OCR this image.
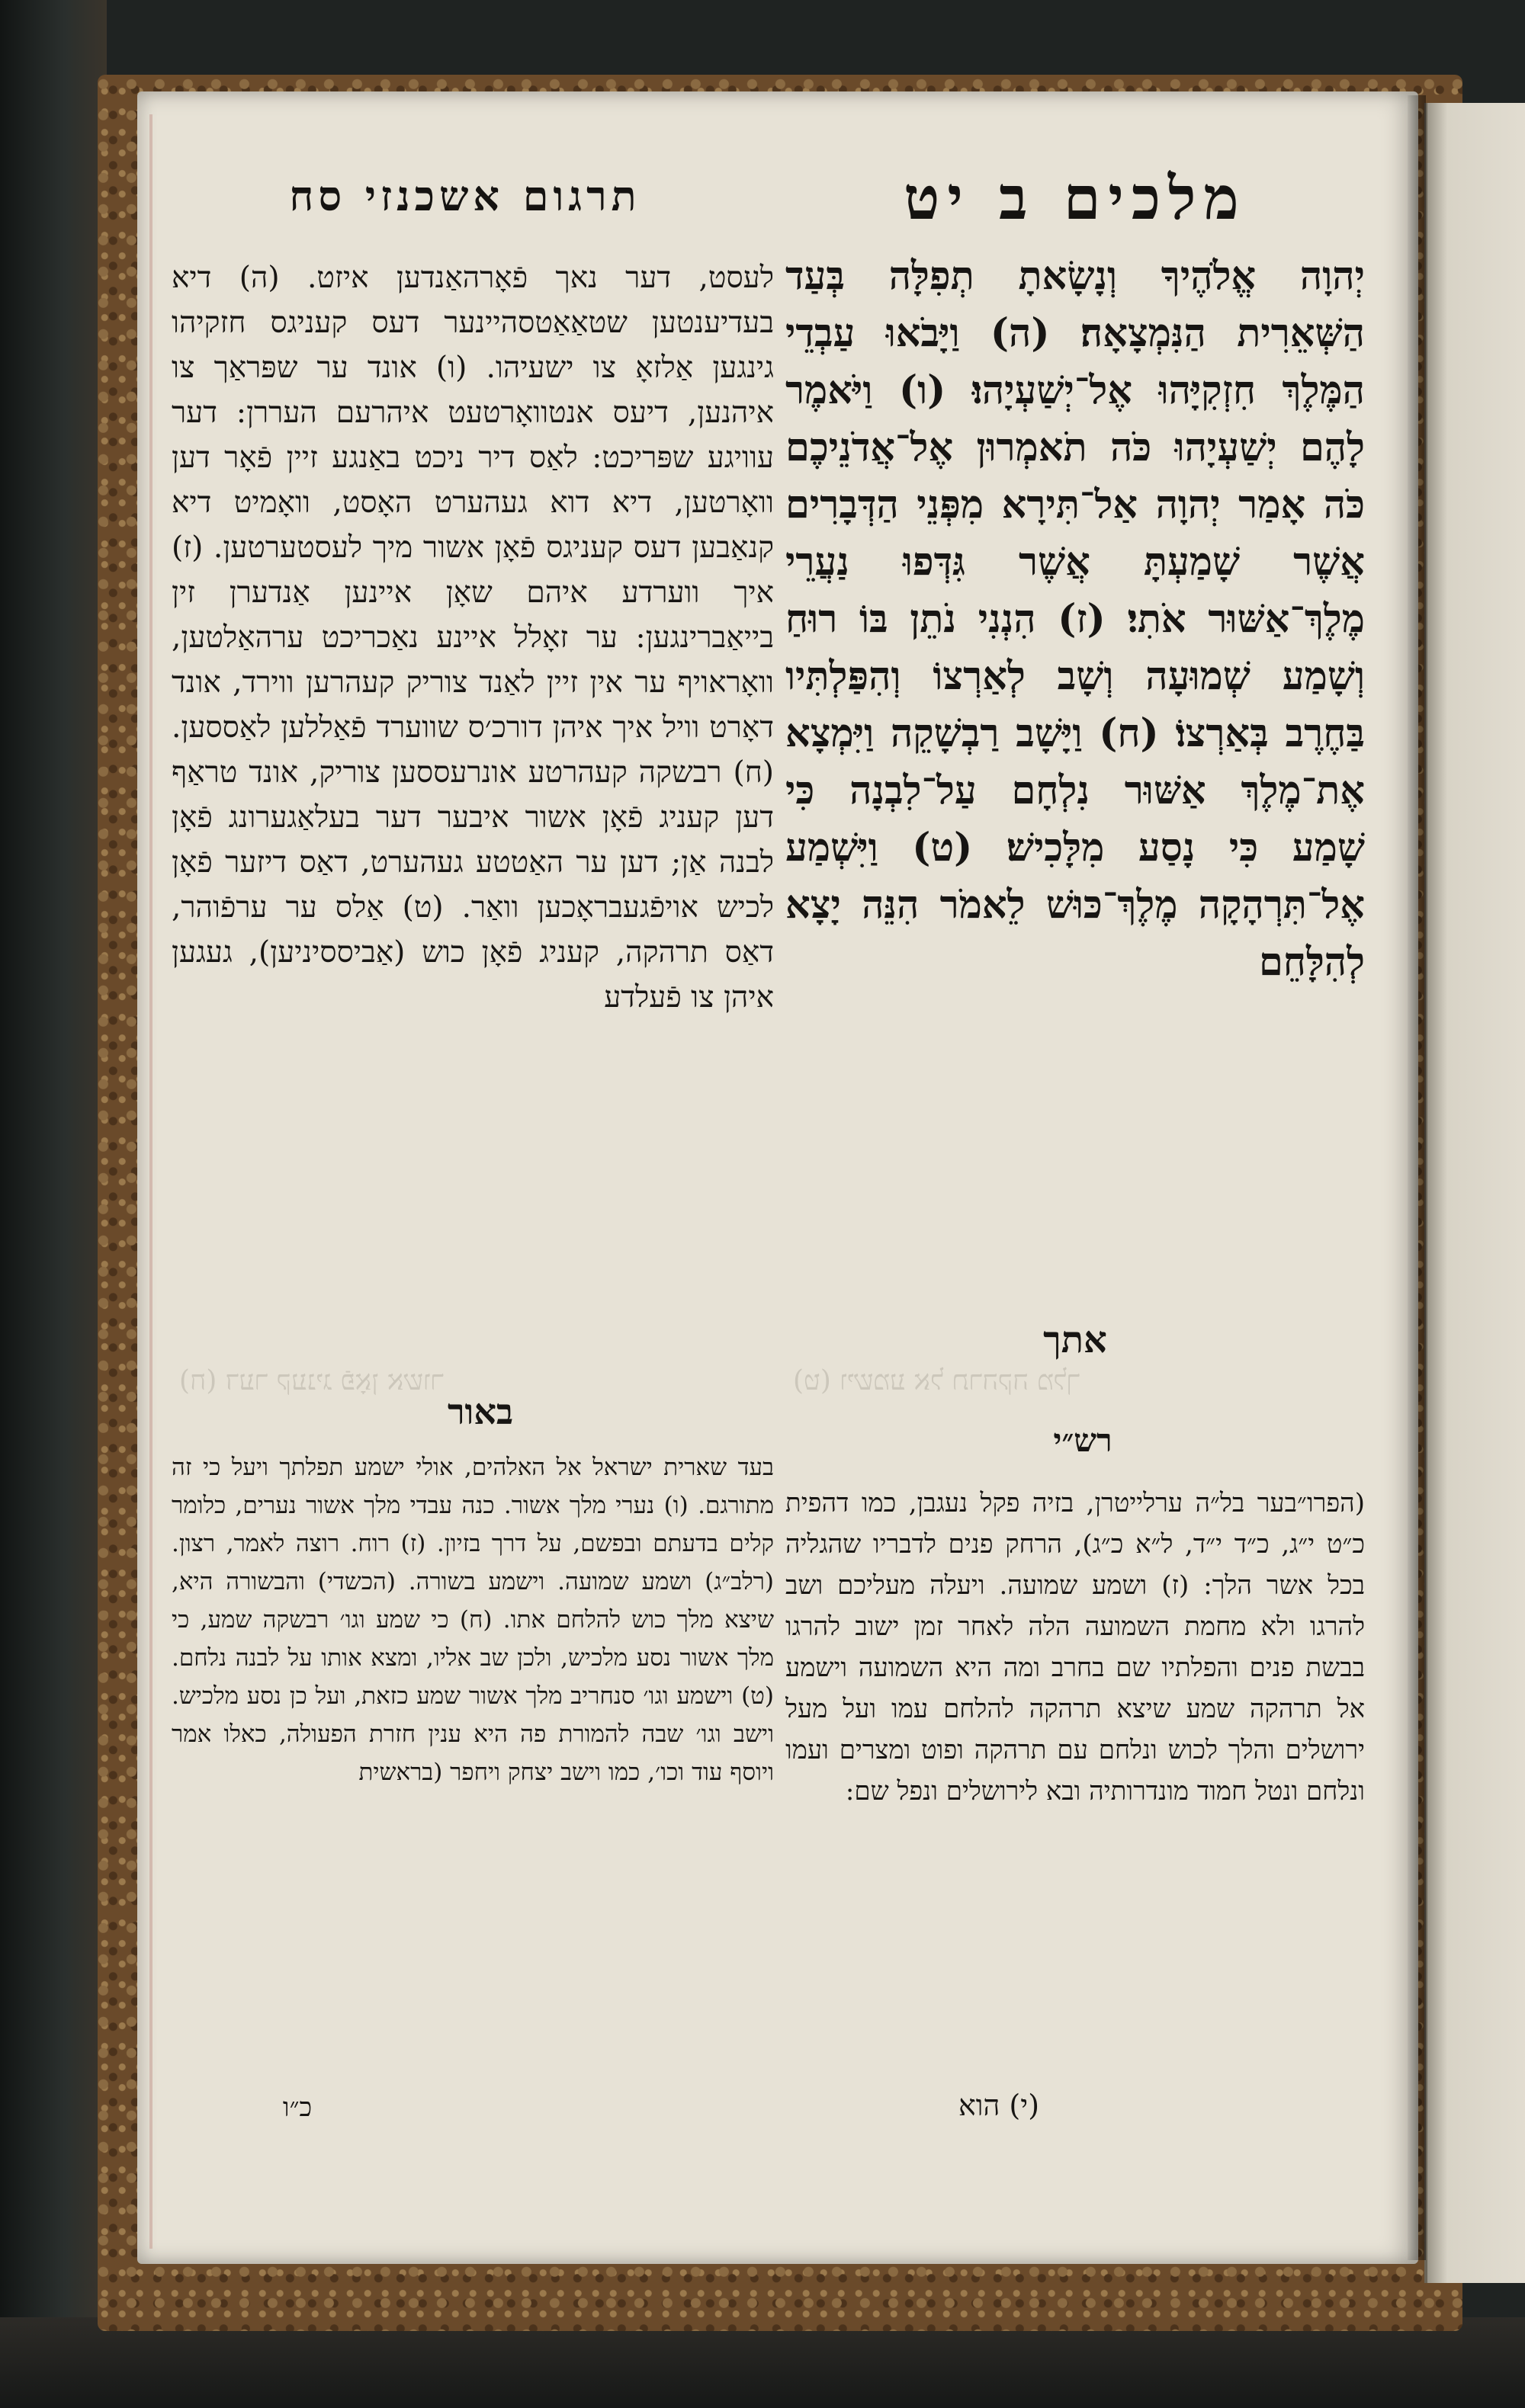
תרגום אשכנזי סח	מלכים ב יט
לעסט, דער נאך פֿאָרהאַנדען איזט. (ה) דיא בעדיענטען שטאַאַטסהיינער דעס קעניגס חזקיהו גינגען אַלזאָ צו ישעיהו. (ו) אונד ער שפּראַך צו איהנען, דיעס אנטוואָרטעט איהרעם העררן: דער עוויגע שפּריכט: לאַס דיר ניכט באַנגע זיין פֿאָר דען וואָרטען, דיא דוא געהערט האָסט, וואָמיט דיא קנאַבען דעס קעניגס פֿאָן אשור מיך לעסטערטען. (ז) איך ווערדע איהם שאָן איינען אַנדערן זין בייאַברינגען: ער זאָלל איינע נאַכריכט ערהאַלטען, וואָראויף ער אין זיין לאַנד צוריק קעהרען ווירד, אונד דאָרט וויל איך איהן דורכ׳ס שווערד פֿאַללען לאַססען. (ח) רבשקה קעהרטע אונרעססען צוריק, אונד טראַף דען קעניג פֿאָן אשור איבער דער בעלאַגערונג פֿאָן לבנה אַן; דען ער האַטטע געהערט, דאַס דיזער פֿאָן לכיש אויפֿגעבראָכען וואַר. (ט) אַלס ער ערפֿוהר, דאַס תרהקה, קעניג פֿאָן כוש (אַביססיניען), געגען איהן צו פֿעלדע
יְהוָה אֱלֹהֶיךָ וְנָשָׂאתָ תְפִלָּה בְּעַד הַשְּׁאֵרִית הַנִּמְצָאָה׃ (ה) וַיָּבֹאוּ עַבְדֵי הַמֶּלֶךְ חִזְקִיָּהוּ אֶל־יְשַׁעְיָהוּ׃ (ו) וַיֹּאמֶר לָהֶם יְשַׁעְיָהוּ כֹּה תֹאמְרוּן אֶל־אֲדֹנֵיכֶם כֹּה אָמַר יְהוָה אַל־תִּירָא מִפְּנֵי הַדְּבָרִים אֲשֶׁר שָׁמַעְתָּ אֲשֶׁר גִּדְּפוּ נַעֲרֵי מֶלֶךְ־אַשּׁוּר אֹתִי׃ (ז) הִנְנִי נֹתֵן בּוֹ רוּחַ וְשָׁמַע שְׁמוּעָה וְשָׁב לְאַרְצוֹ וְהִפַּלְתִּיו בַּחֶרֶב בְּאַרְצוֹ׃ (ח) וַיָּשָׁב רַבְשָׁקֵה וַיִּמְצָא אֶת־מֶלֶךְ אַשּׁוּר נִלְחָם עַל־לִבְנָה כִּי שָׁמַע כִּי נָסַע מִלָּכִישׁ׃ (ט) וַיִּשְׁמַע אֶל־תִּרְהָקָה מֶלֶךְ־כּוּשׁ לֵאמֹר הִנֵּה יָצָא לְהִלָּחֵם
אתך
(ט) וישמע אל תרהקה מלך
(ח) דער קעניג פֿאָן אשור
באור
בעד שארית ישראל אל האלהים, אולי ישמע תפלתך ויעל כי זה מתורגם. (ו) נערי מלך אשור. כנה עבדי מלך אשור נערים, כלומר קלים בדעתם ובפשם, על דרך בזיון. (ז) רוח. רוצה לאמר, רצון. (רלב״ג) ושמע שמועה. וישמע בשורה. (הכשדי) והבשורה היא, שיצא מלך כוש להלחם אתו. (ח) כי שמע וגו׳ רבשקה שמע, כי מלך אשור נסע מלכיש, ולכן שב אליו, ומצא אותו על לבנה נלחם. (ט) וישמע וגו׳ סנחריב מלך אשור שמע כזאת, ועל כן נסע מלכיש. וישב וגו׳ שבה להמורת פה היא ענין חזרת הפעולה, כאלו אמר ויוסף עוד וכו׳, כמו וישב יצחק ויחפר (בראשית
כ״ו
רש״י
(הפרו״בער בל״ה ערלייטרן, בזיה פקל נעגבן, כמו דהפית כ״ט י״ג, כ״ד י״ד, ל״א כ״ג), הרחק פנים לדבריו שהגליה בכל אשר הלך: (ז) ושמע שמועה. ויעלה מעליכם ושב להרגו ולא מחמת השמועה הלה לאחר זמן ישוב להרגו בבשת פנים והפלתיו שם בחרב ומה היא השמועה וישמע אל תרהקה שמע שיצא תרהקה להלחם עמו ועל מעל ירושלים והלך לכוש ונלחם עם תרהקה ופוט ומצרים ועמו ונלחם ונטל חמוד מונדרותיה ובא לירושלים ונפל שם:
(י) הוא
